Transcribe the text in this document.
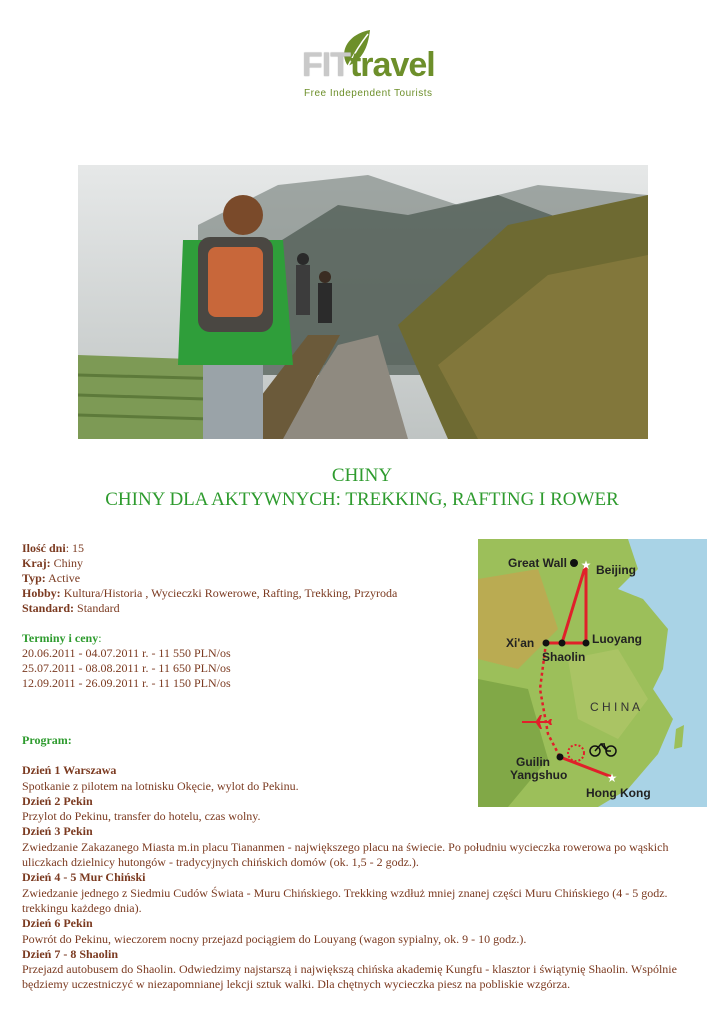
FITtravel
Free Independent Tourists
CHINY
CHINY DLA AKTYWNYCH: TREKKING, RAFTING I ROWER
Ilość dni: 15
Kraj: Chiny
Typ: Active
Hobby: Kultura/Historia , Wycieczki Rowerowe, Rafting, Trekking, Przyroda
Standard: Standard
Terminy i ceny:
20.06.2011 - 04.07.2011 r. - 11 550 PLN/os
25.07.2011 - 08.08.2011 r. - 11 650 PLN/os
12.09.2011 - 26.09.2011 r. - 11 150 PLN/os
★
★
Great Wall Beijing
Xi'an	Luoyang
Shaolin
C H I N A
Guilin
Yangshuo
Hong Kong
Program:
Dzień 1 Warszawa
Spotkanie z pilotem na lotnisku Okęcie, wylot do Pekinu.
Dzień 2 Pekin
Przylot do Pekinu, transfer do hotelu, czas wolny.
Dzień 3 Pekin
Zwiedzanie Zakazanego Miasta m.in placu Tiananmen - największego placu na świecie. Po południu wycieczka rowerowa po wąskich uliczkach dzielnicy hutongów - tradycyjnych chińskich domów (ok. 1,5 - 2 godz.).
Dzień 4 - 5 Mur Chiński
Zwiedzanie jednego z Siedmiu Cudów Świata - Muru Chińskiego. Trekking wzdłuż mniej znanej części Muru Chińskiego (4 - 5 godz. trekkingu każdego dnia).
Dzień 6 Pekin
Powrót do Pekinu, wieczorem nocny przejazd pociągiem do Louyang (wagon sypialny, ok. 9 - 10 godz.).
Dzień 7 - 8 Shaolin
Przejazd autobusem do Shaolin. Odwiedzimy najstarszą i największą chińska akademię Kungfu - klasztor i świątynię Shaolin. Wspólnie będziemy uczestniczyć w niezapomnianej lekcji sztuk walki. Dla chętnych wycieczka piesz na pobliskie wzgórza.
